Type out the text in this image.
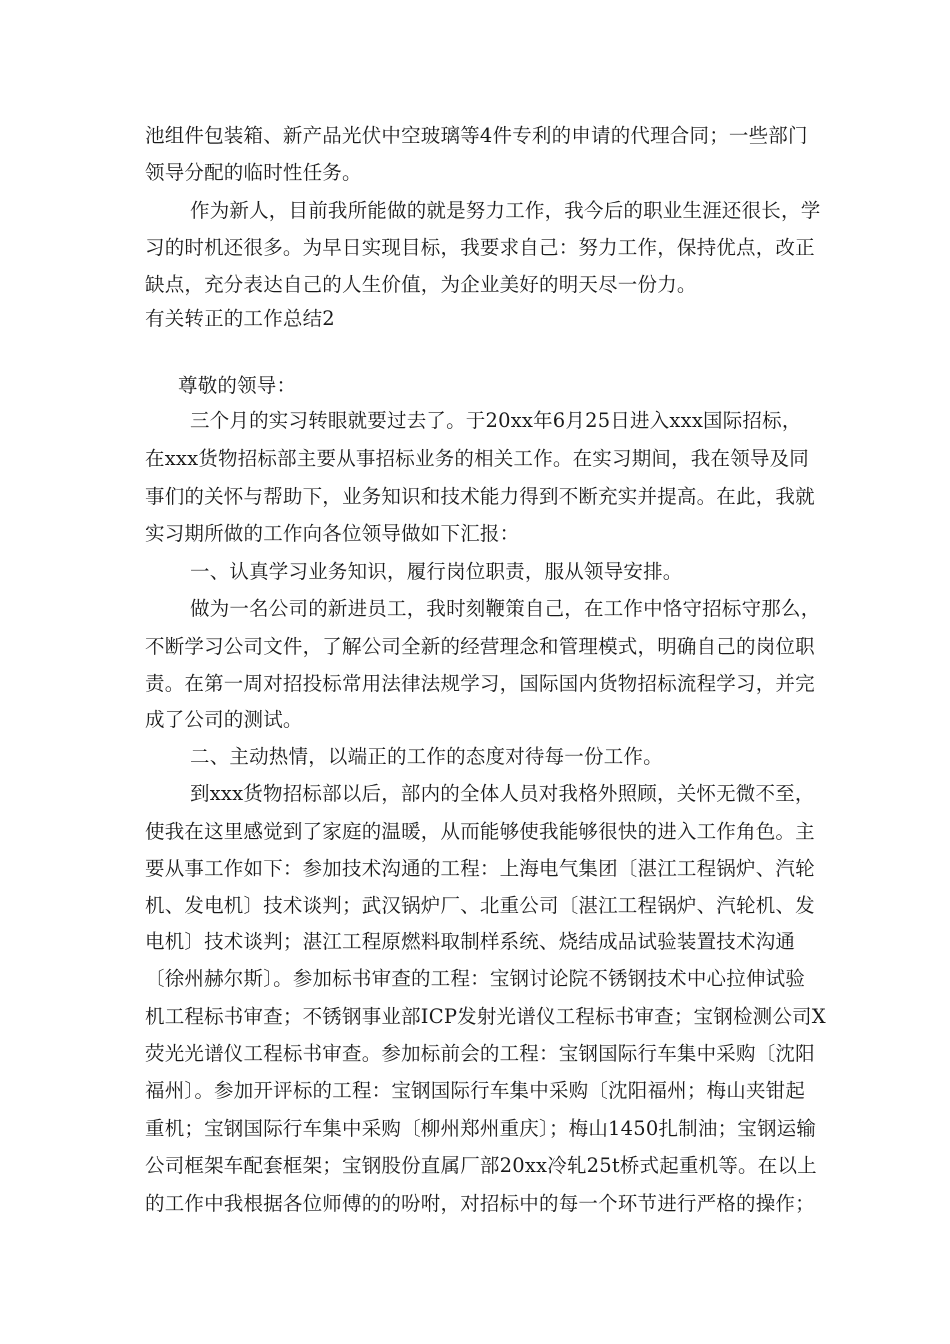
池组件包装箱、新产品光伏中空玻璃等4件专利的申请的代理合同；一些部门
领导分配的临时性任务。
作为新人，目前我所能做的就是努力工作，我今后的职业生涯还很长，学
习的时机还很多。为早日实现目标，我要求自己：努力工作，保持优点，改正
缺点，充分表达自己的人生价值，为企业美好的明天尽一份力。
有关转正的工作总结2
尊敬的领导：
三个月的实习转眼就要过去了。于20xx年6月25日进入xxx国际招标，
在xxx货物招标部主要从事招标业务的相关工作。在实习期间，我在领导及同
事们的关怀与帮助下，业务知识和技术能力得到不断充实并提高。在此，我就
实习期所做的工作向各位领导做如下汇报：
一、认真学习业务知识，履行岗位职责，服从领导安排。
做为一名公司的新进员工，我时刻鞭策自己，在工作中恪守招标守那么，
不断学习公司文件，了解公司全新的经营理念和管理模式，明确自己的岗位职
责。在第一周对招投标常用法律法规学习，国际国内货物招标流程学习，并完
成了公司的测试。
二、主动热情，以端正的工作的态度对待每一份工作。
到xxx货物招标部以后，部内的全体人员对我格外照顾，关怀无微不至，
使我在这里感觉到了家庭的温暖，从而能够使我能够很快的进入工作角色。主
要从事工作如下：参加技术沟通的工程：上海电气集团〔湛江工程锅炉、汽轮
机、发电机〕技术谈判；武汉锅炉厂、北重公司〔湛江工程锅炉、汽轮机、发
电机〕技术谈判；湛江工程原燃料取制样系统、烧结成品试验装置技术沟通
〔徐州赫尔斯〕。参加标书审查的工程：宝钢讨论院不锈钢技术中心拉伸试验
机工程标书审查；不锈钢事业部ICP发射光谱仪工程标书审查；宝钢检测公司X
荧光光谱仪工程标书审查。参加标前会的工程：宝钢国际行车集中采购〔沈阳
福州〕。参加开评标的工程：宝钢国际行车集中采购〔沈阳福州；梅山夹钳起
重机；宝钢国际行车集中采购〔柳州郑州重庆〕；梅山1450扎制油；宝钢运输
公司框架车配套框架；宝钢股份直属厂部20xx冷轧25t桥式起重机等。在以上
的工作中我根据各位师傅的的吩咐，对招标中的每一个环节进行严格的操作；
